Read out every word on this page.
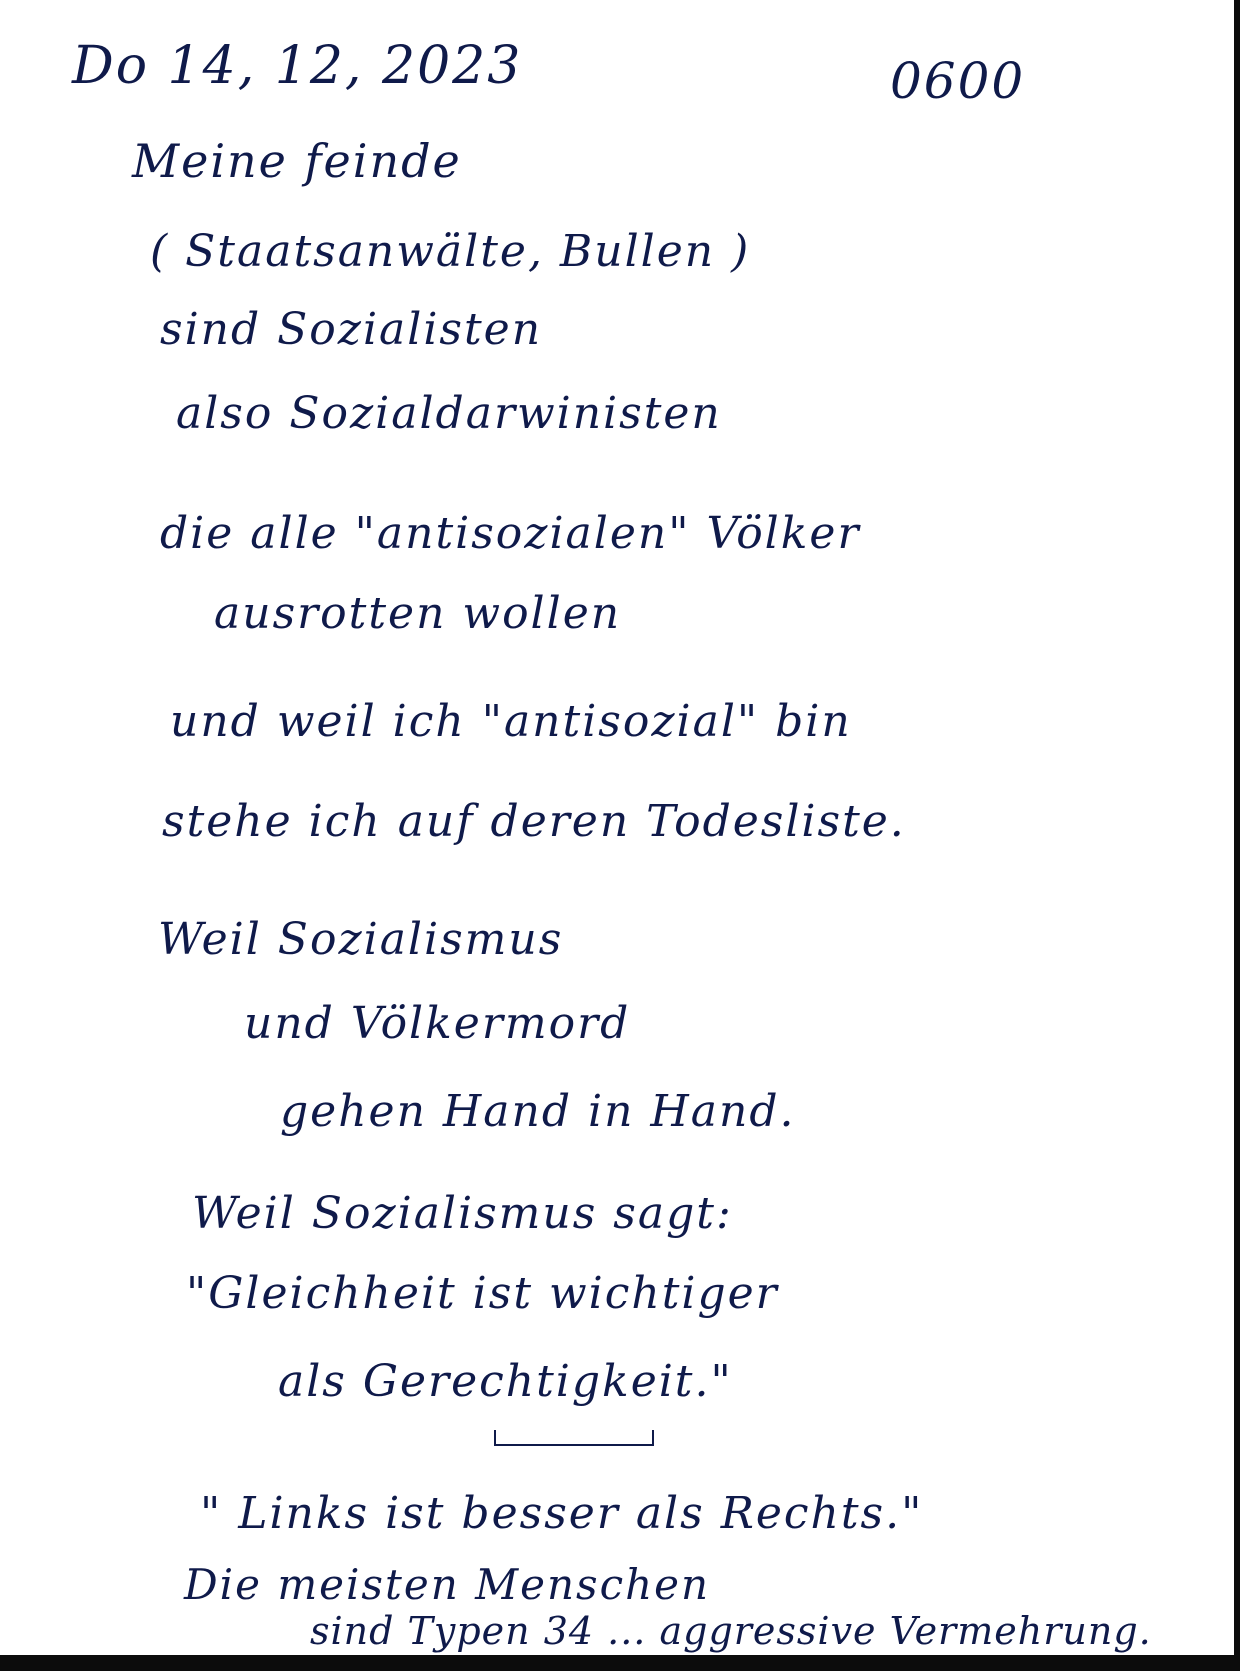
Do 14, 12, 2023	0600
Meine feinde
( Staatsanwälte, Bullen )
sind Sozialisten
also Sozialdarwinisten
die alle "antisozialen" Völker
ausrotten wollen
und weil ich "antisozial" bin
stehe ich auf deren Todesliste.
Weil Sozialismus
und Völkermord
gehen Hand in Hand.
Weil Sozialismus sagt:
"Gleichheit ist wichtiger
als Gerechtigkeit."
" Links ist besser als Rechts."
Die meisten Menschen
sind Typen 34 ... aggressive Vermehrung.
